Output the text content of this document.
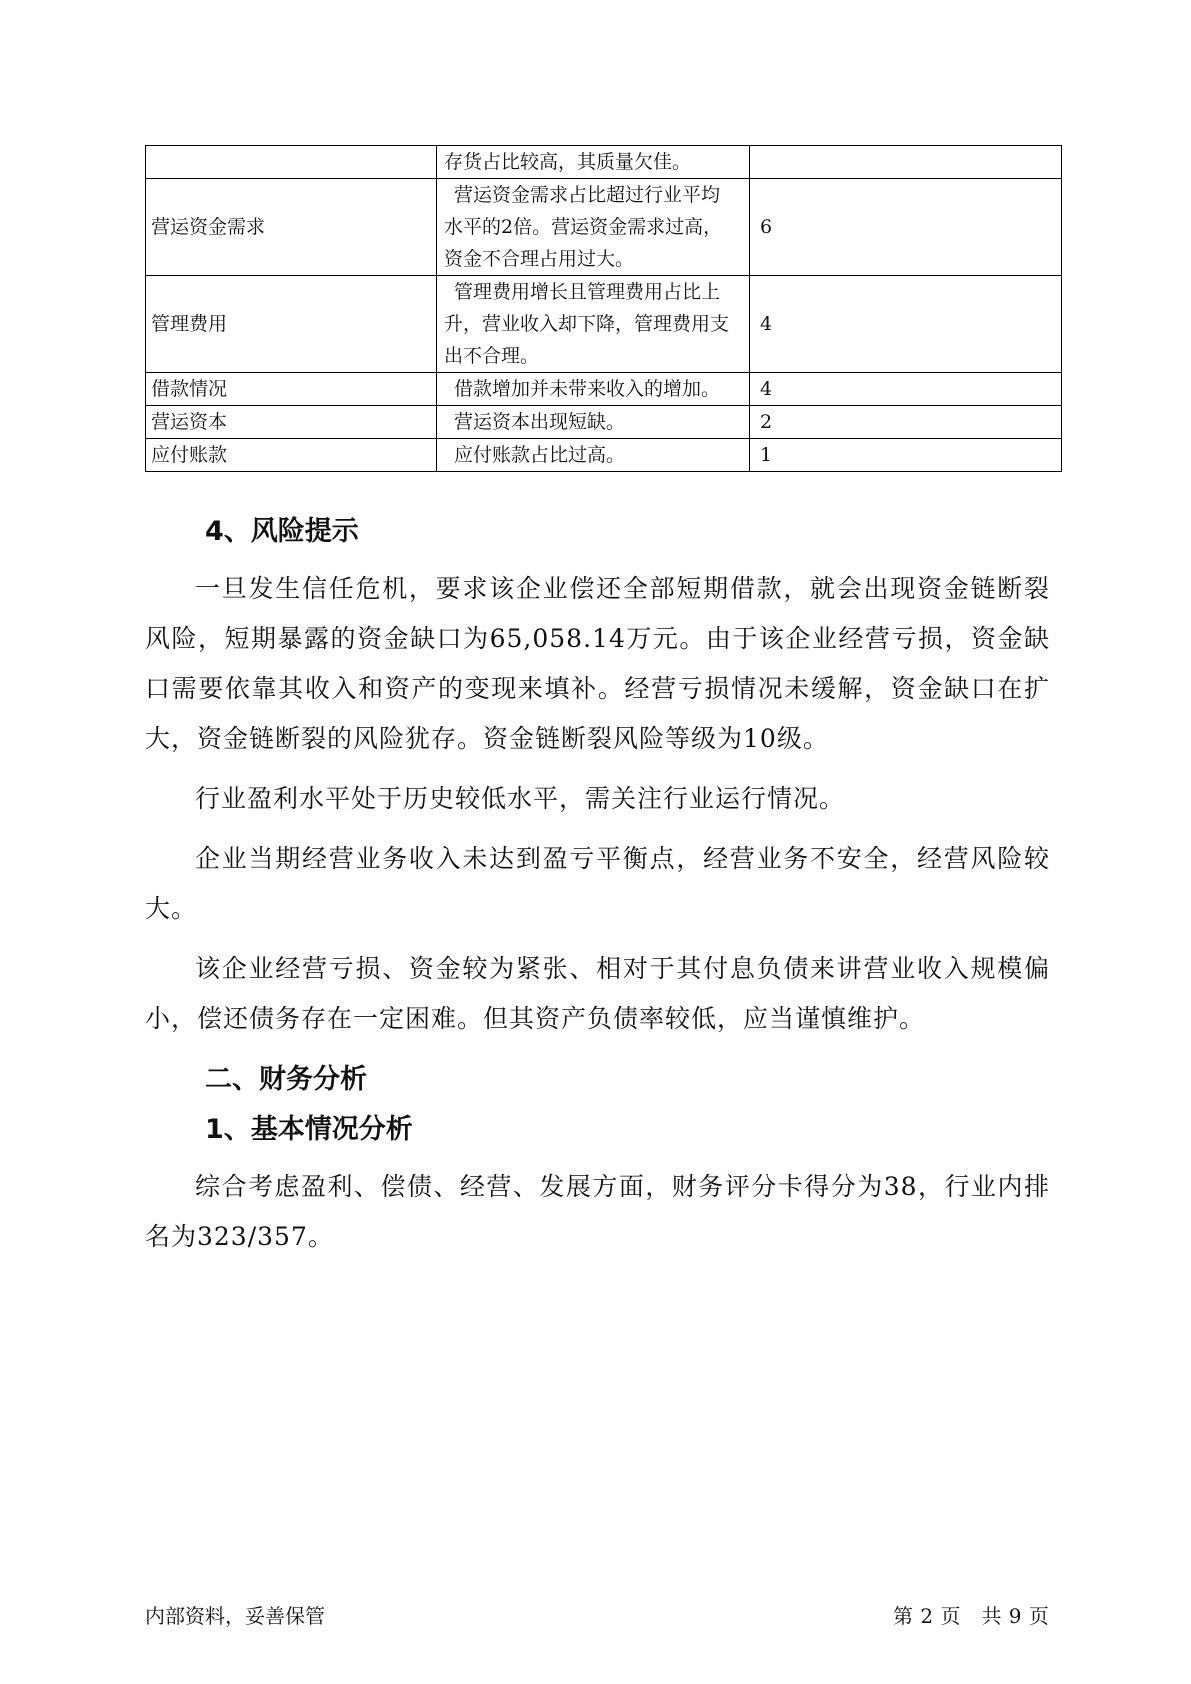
	存货占比较高，其质量欠佳。	

营运资金需求	营运资金需求占比超过行业平均
水平的2倍。营运资金需求过高，
资金不合理占用过大。	6
管理费用	管理费用增长且管理费用占比上
升，营业收入却下降，管理费用支
出不合理。	4
借款情况	借款增加并未带来收入的增加。	4
营运资本	营运资本出现短缺。	2
应付账款	应付账款占比过高。	1
4、风险提示

一旦发生信任危机，要求该企业偿还全部短期借款，就会出现资金链断裂风险，短期暴露的资金缺口为65,058.14万元。由于该企业经营亏损，资金缺口需要依靠其收入和资产的变现来填补。经营亏损情况未缓解，资金缺口在扩大，资金链断裂的风险犹存。资金链断裂风险等级为10级。

行业盈利水平处于历史较低水平，需关注行业运行情况。

企业当期经营业务收入未达到盈亏平衡点，经营业务不安全，经营风险较大。

该企业经营亏损、资金较为紧张、相对于其付息负债来讲营业收入规模偏小，偿还债务存在一定困难。但其资产负债率较低，应当谨慎维护。

二、财务分析
1、基本情况分析

综合考虑盈利、偿债、经营、发展方面，财务评分卡得分为38，行业内排名为323/357。

内部资料，妥善保管	第 2 页　共 9 页
